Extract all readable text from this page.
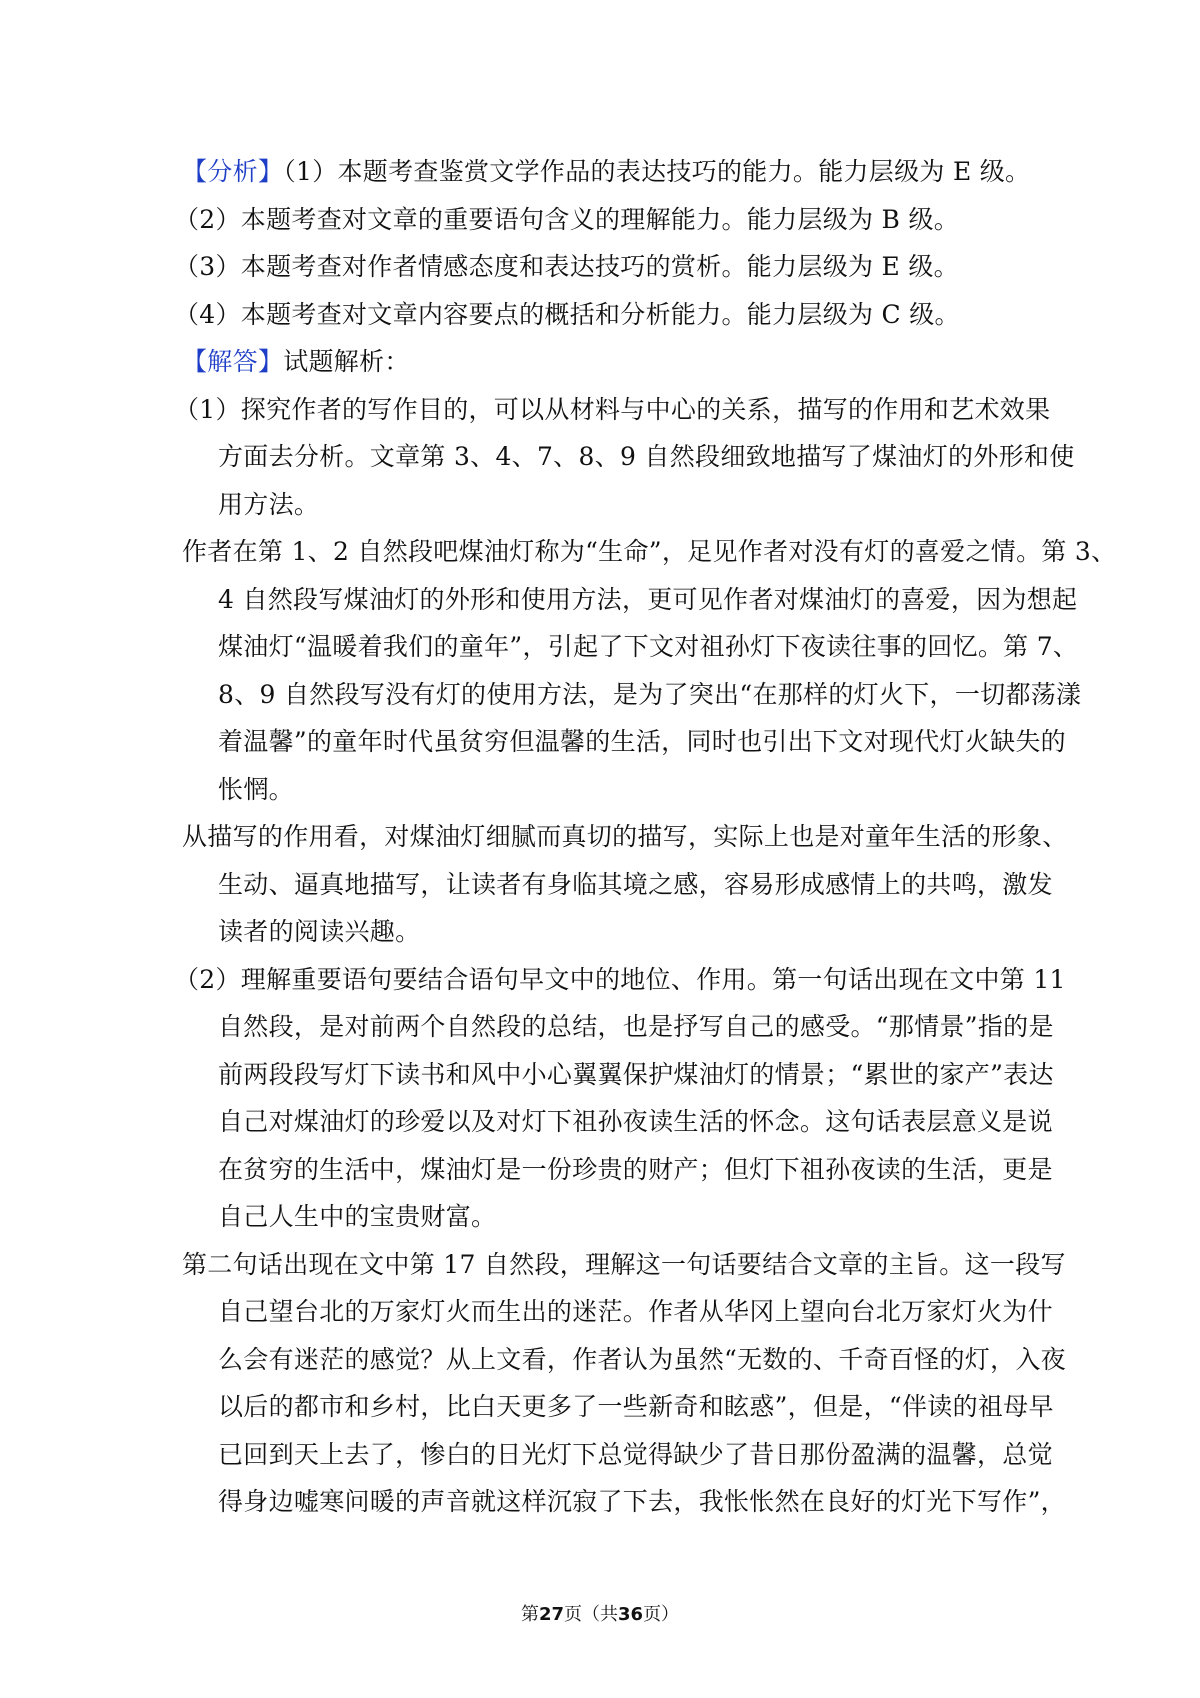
【分析】（1）本题考查鉴赏文学作品的表达技巧的能力。能力层级为 E 级。
（2）本题考查对文章的重要语句含义的理解能力。能力层级为 B 级。
（3）本题考查对作者情感态度和表达技巧的赏析。能力层级为 E 级。
（4）本题考查对文章内容要点的概括和分析能力。能力层级为 C 级。
【解答】试题解析：
（1）探究作者的写作目的，可以从材料与中心的关系，描写的作用和艺术效果
方面去分析。文章第 3、4、7、8、9 自然段细致地描写了煤油灯的外形和使
用方法。
作者在第 1、2 自然段吧煤油灯称为“生命”，足见作者对没有灯的喜爱之情。第 3、
4 自然段写煤油灯的外形和使用方法，更可见作者对煤油灯的喜爱，因为想起
煤油灯“温暖着我们的童年”，引起了下文对祖孙灯下夜读往事的回忆。第 7、
8、9 自然段写没有灯的使用方法，是为了突出“在那样的灯火下，一切都荡漾
着温馨”的童年时代虽贫穷但温馨的生活，同时也引出下文对现代灯火缺失的
怅惘。
从描写的作用看，对煤油灯细腻而真切的描写，实际上也是对童年生活的形象、
生动、逼真地描写，让读者有身临其境之感，容易形成感情上的共鸣，激发
读者的阅读兴趣。
（2）理解重要语句要结合语句早文中的地位、作用。第一句话出现在文中第 11
自然段，是对前两个自然段的总结，也是抒写自己的感受。“那情景”指的是
前两段段写灯下读书和风中小心翼翼保护煤油灯的情景；“累世的家产”表达
自己对煤油灯的珍爱以及对灯下祖孙夜读生活的怀念。这句话表层意义是说
在贫穷的生活中，煤油灯是一份珍贵的财产；但灯下祖孙夜读的生活，更是
自己人生中的宝贵财富。
第二句话出现在文中第 17 自然段，理解这一句话要结合文章的主旨。这一段写
自己望台北的万家灯火而生出的迷茫。作者从华冈上望向台北万家灯火为什
么会有迷茫的感觉？从上文看，作者认为虽然“无数的、千奇百怪的灯，入夜
以后的都市和乡村，比白天更多了一些新奇和眩惑”，但是，“伴读的祖母早
已回到天上去了，惨白的日光灯下总觉得缺少了昔日那份盈满的温馨，总觉
得身边嘘寒问暖的声音就这样沉寂了下去，我怅怅然在良好的灯光下写作”，
第27页（共36页）
